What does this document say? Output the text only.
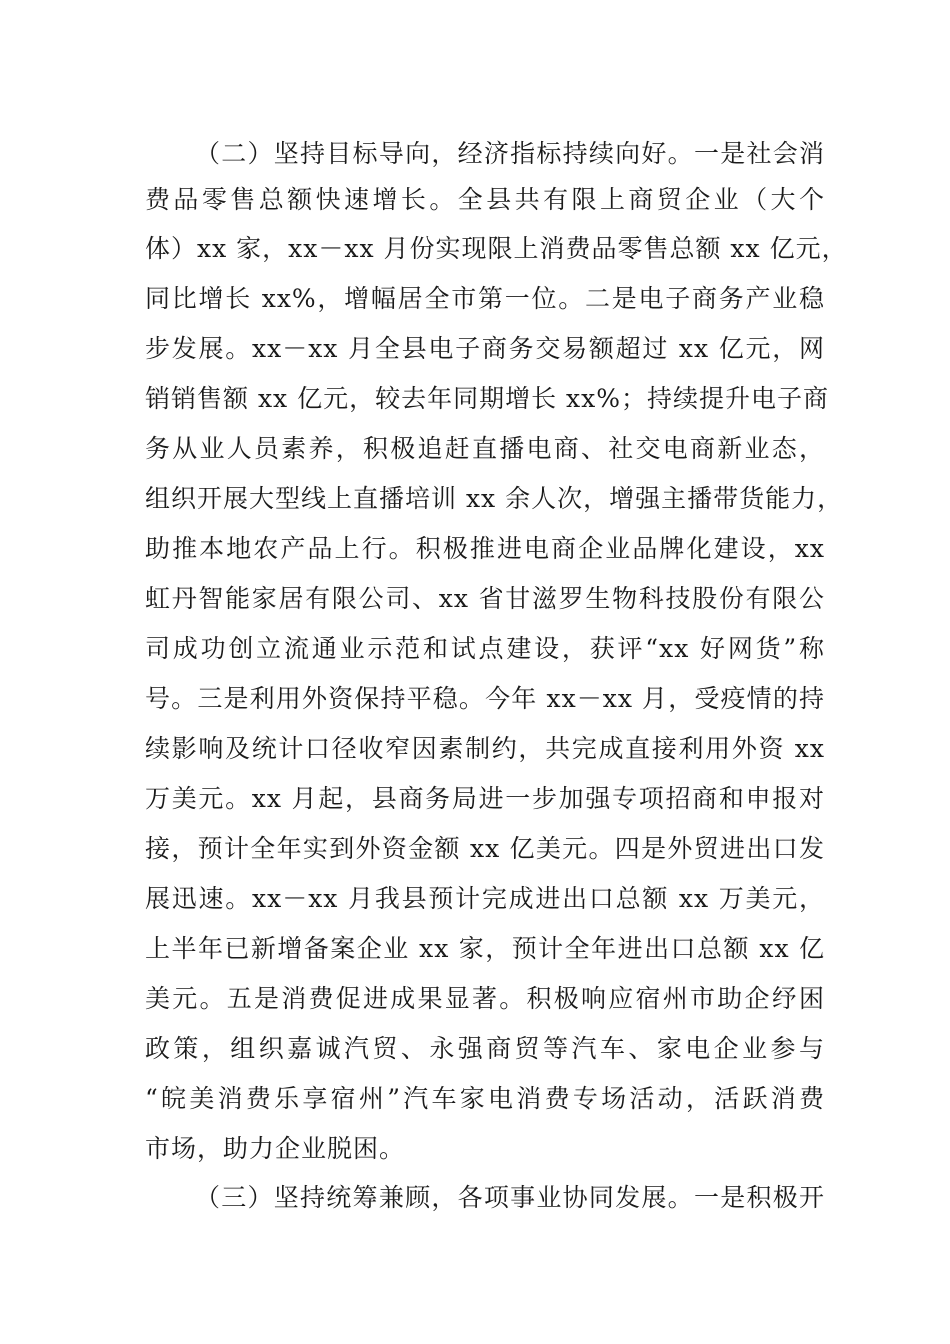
（二）坚持目标导向，经济指标持续向好。一是社会消
费品零售总额快速增长。全县共有限上商贸企业（大个
体）xx 家，xx－xx 月份实现限上消费品零售总额 xx 亿元，
同比增长 xx%，增幅居全市第一位。二是电子商务产业稳
步发展。xx－xx 月全县电子商务交易额超过 xx 亿元，网
销销售额 xx 亿元，较去年同期增长 xx%；持续提升电子商
务从业人员素养，积极追赶直播电商、社交电商新业态，
组织开展大型线上直播培训 xx 余人次，增强主播带货能力，
助推本地农产品上行。积极推进电商企业品牌化建设，xx
虹丹智能家居有限公司、xx 省甘滋罗生物科技股份有限公
司成功创立流通业示范和试点建设，获评“xx 好网货”称
号。三是利用外资保持平稳。今年 xx－xx 月，受疫情的持
续影响及统计口径收窄因素制约，共完成直接利用外资 xx
万美元。xx 月起，县商务局进一步加强专项招商和申报对
接，预计全年实到外资金额 xx 亿美元。四是外贸进出口发
展迅速。xx－xx 月我县预计完成进出口总额 xx 万美元，
上半年已新增备案企业 xx 家，预计全年进出口总额 xx 亿
美元。五是消费促进成果显著。积极响应宿州市助企纾困
政策，组织嘉诚汽贸、永强商贸等汽车、家电企业参与
“皖美消费乐享宿州”汽车家电消费专场活动，活跃消费
市场，助力企业脱困。
（三）坚持统筹兼顾，各项事业协同发展。一是积极开
